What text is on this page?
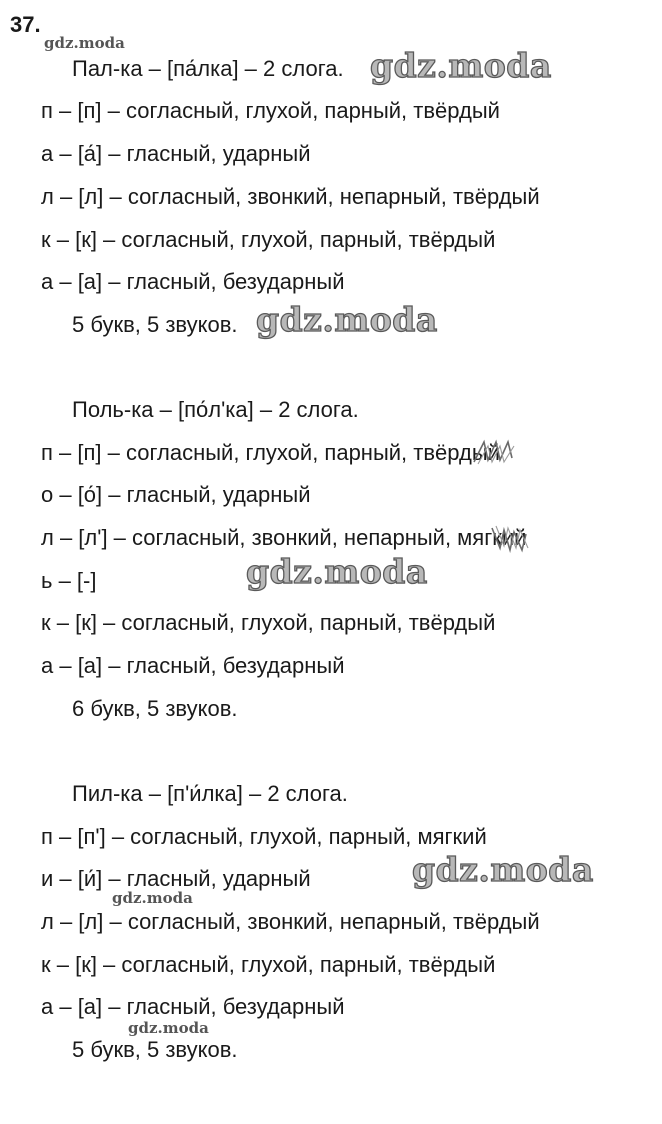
37.
Пал-ка – [па́лка] – 2 слога.
п – [п] – согласный, глухой, парный, твёрдый
а – [а́] – гласный, ударный
л – [л] – согласный, звонкий, непарный, твёрдый
к – [к] – согласный, глухой, парный, твёрдый
а – [а] – гласный, безударный
5 букв, 5 звуков.
Поль-ка – [по́л'ка] – 2 слога.
п – [п] – согласный, глухой, парный, твёрдый
о – [о́] – гласный, ударный
л – [л'] – согласный, звонкий, непарный, мягкий
ь – [-]
к – [к] – согласный, глухой, парный, твёрдый
а – [а] – гласный, безударный
6 букв, 5 звуков.
Пил-ка – [п'и́лка] – 2 слога.
п – [п'] – согласный, глухой, парный, мягкий
и – [и́] – гласный, ударный
л – [л] – согласный, звонкий, непарный, твёрдый
к – [к] – согласный, глухой, парный, твёрдый
а – [а] – гласный, безударный
5 букв, 5 звуков.
gdz.moda
gdz.moda
gdz.moda
gdz.moda
gdz.moda
gdz.moda
gdz.moda
